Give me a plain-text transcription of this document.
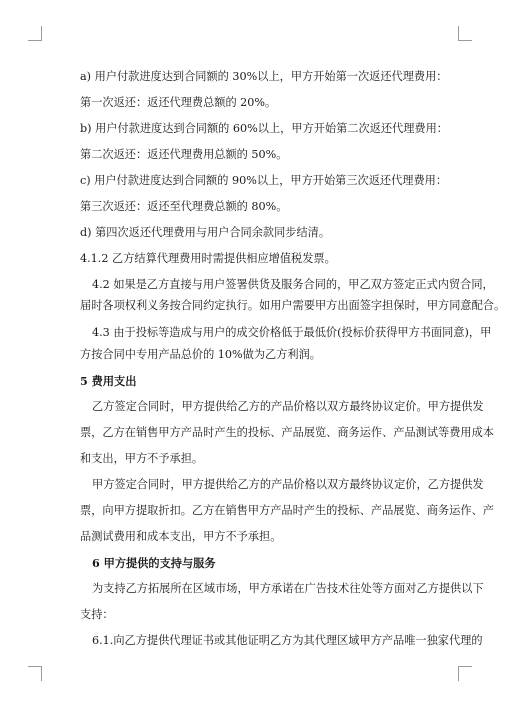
a) 用户付款进度达到合同额的 30%以上，甲方开始第一次返还代理费用：
第一次返还：返还代理费总额的 20%。
b) 用户付款进度达到合同额的 60%以上，甲方开始第二次返还代理费用：
第二次返还：返还代理费用总额的 50%。
c) 用户付款进度达到合同额的 90%以上，甲方开始第三次返还代理费用：
第三次返还：返还至代理费总额的 80%。
d) 第四次返还代理费用与用户合同余款同步结清。
4.1.2 乙方结算代理费用时需提供相应增值税发票。
4.2 如果是乙方直接与用户签署供货及服务合同的，甲乙双方签定正式内贸合同，
届时各项权利义务按合同约定执行。如用户需要甲方出面签字担保时，甲方同意配合。
4.3 由于投标等造成与用户的成交价格低于最低价(投标价获得甲方书面同意)，甲
方按合同中专用产品总价的 10%做为乙方利润。
5 费用支出
乙方签定合同时，甲方提供给乙方的产品价格以双方最终协议定价。甲方提供发
票，乙方在销售甲方产品时产生的投标、产品展览、商务运作、产品测试等费用成本
和支出，甲方不予承担。
甲方签定合同时，甲方提供给乙方的产品价格以双方最终协议定价，乙方提供发
票，向甲方提取折扣。乙方在销售甲方产品时产生的投标、产品展览、商务运作、产
品测试费用和成本支出，甲方不予承担。
6 甲方提供的支持与服务
为支持乙方拓展所在区域市场，甲方承诺在广告技术往处等方面对乙方提供以下
支持：
6.1.向乙方提供代理证书或其他证明乙方为其代理区域甲方产品唯一独家代理的
